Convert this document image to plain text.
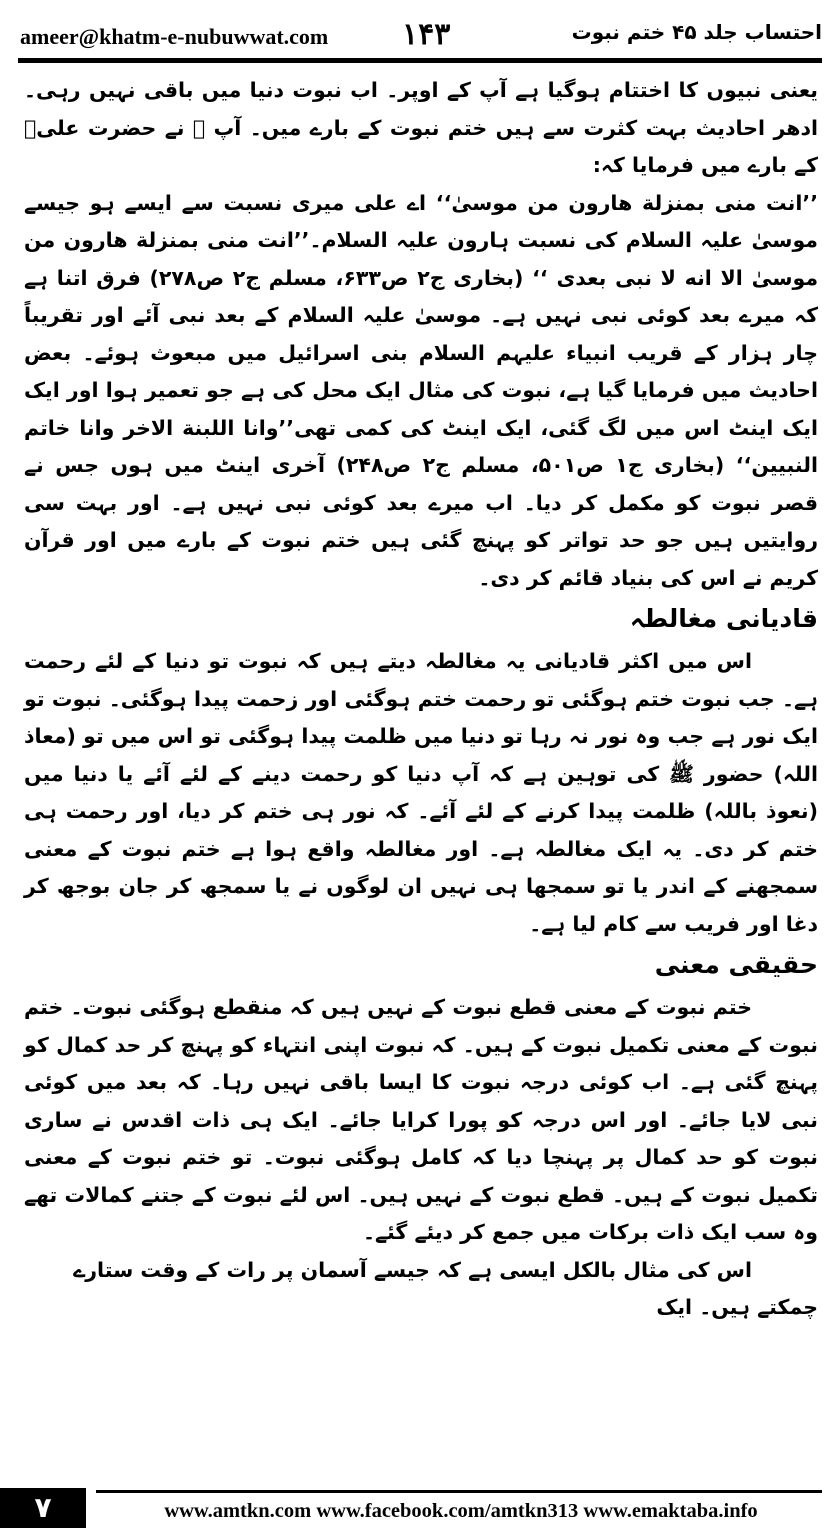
ameer@khatm-e-nubuwwat.com ۱۴۳	احتساب جلد ۴۵ ختم نبوت

یعنی نبیوں کا اختتام ہوگیا ہے آپ کے اوپر۔ اب نبوت دنیا میں باقی نہیں رہی۔ ادھر احادیث بہت کثرت سے ہیں ختم نبوت کے بارے میں۔ آپ ﷺ نے حضرت علیؓ کے بارے میں فرمایا کہ:
’’انت منی بمنزلة هارون من موسیٰ‘‘ اے علی میری نسبت سے ایسے ہو جیسے موسیٰ علیہ السلام کی نسبت ہارون علیہ السلام۔’’انت منی بمنزلة هارون من موسیٰ الا انه لا نبی بعدی ‘‘ (بخاری ج۲ ص۶۳۳، مسلم ج۲ ص۲۷۸) فرق اتنا ہے کہ میرے بعد کوئی نبی نہیں ہے۔ موسیٰ علیہ السلام کے بعد نبی آئے اور تقریباً چار ہزار کے قریب انبیاء علیہم السلام بنی اسرائیل میں مبعوث ہوئے۔ بعض احادیث میں فرمایا گیا ہے، نبوت کی مثال ایک محل کی ہے جو تعمیر ہوا اور ایک ایک اینٹ اس میں لگ گئی، ایک اینٹ کی کمی تھی’’وانا اللبنة الاخر وانا خاتم النبیین‘‘ (بخاری ج۱ ص۵۰۱، مسلم ج۲ ص۲۴۸) آخری اینٹ میں ہوں جس نے قصر نبوت کو مکمل کر دیا۔ اب میرے بعد کوئی نبی نہیں ہے۔ اور بہت سی روایتیں ہیں جو حد تواتر کو پہنچ گئی ہیں ختم نبوت کے بارے میں اور قرآن کریم نے اس کی بنیاد قائم کر دی۔

قادیانی مغالطہ

اس میں اکثر قادیانی یہ مغالطہ دیتے ہیں کہ نبوت تو دنیا کے لئے رحمت ہے۔ جب نبوت ختم ہوگئی تو رحمت ختم ہوگئی اور زحمت پیدا ہوگئی۔ نبوت تو ایک نور ہے جب وہ نور نہ رہا تو دنیا میں ظلمت پیدا ہوگئی تو اس میں تو (معاذ اللہ) حضور ﷺ کی توہین ہے کہ آپ دنیا کو رحمت دینے کے لئے آئے یا دنیا میں (نعوذ باللہ) ظلمت پیدا کرنے کے لئے آئے۔ کہ نور ہی ختم کر دیا، اور رحمت ہی ختم کر دی۔ یہ ایک مغالطہ ہے۔ اور مغالطہ واقع ہوا ہے ختم نبوت کے معنی سمجھنے کے اندر یا تو سمجھا ہی نہیں ان لوگوں نے یا سمجھ کر جان بوجھ کر دغا اور فریب سے کام لیا ہے۔

حقیقی معنی

ختم نبوت کے معنی قطع نبوت کے نہیں ہیں کہ منقطع ہوگئی نبوت۔ ختم نبوت کے معنی تکمیل نبوت کے ہیں۔ کہ نبوت اپنی انتہاء کو پہنچ کر حد کمال کو پہنچ گئی ہے۔ اب کوئی درجہ نبوت کا ایسا باقی نہیں رہا۔ کہ بعد میں کوئی نبی لایا جائے۔ اور اس درجہ کو پورا کرایا جائے۔ ایک ہی ذات اقدس نے ساری نبوت کو حد کمال پر پہنچا دیا کہ کامل ہوگئی نبوت۔ تو ختم نبوت کے معنی تکمیل نبوت کے ہیں۔ قطع نبوت کے نہیں ہیں۔ اس لئے نبوت کے جتنے کمالات تھے وہ سب ایک ذات برکات میں جمع کر دیئے گئے۔

اس کی مثال بالکل ایسی ہے کہ جیسے آسمان پر رات کے وقت ستارے چمکتے ہیں۔ ایک

۷	www.amtkn.com www.facebook.com/amtkn313 www.emaktaba.info
